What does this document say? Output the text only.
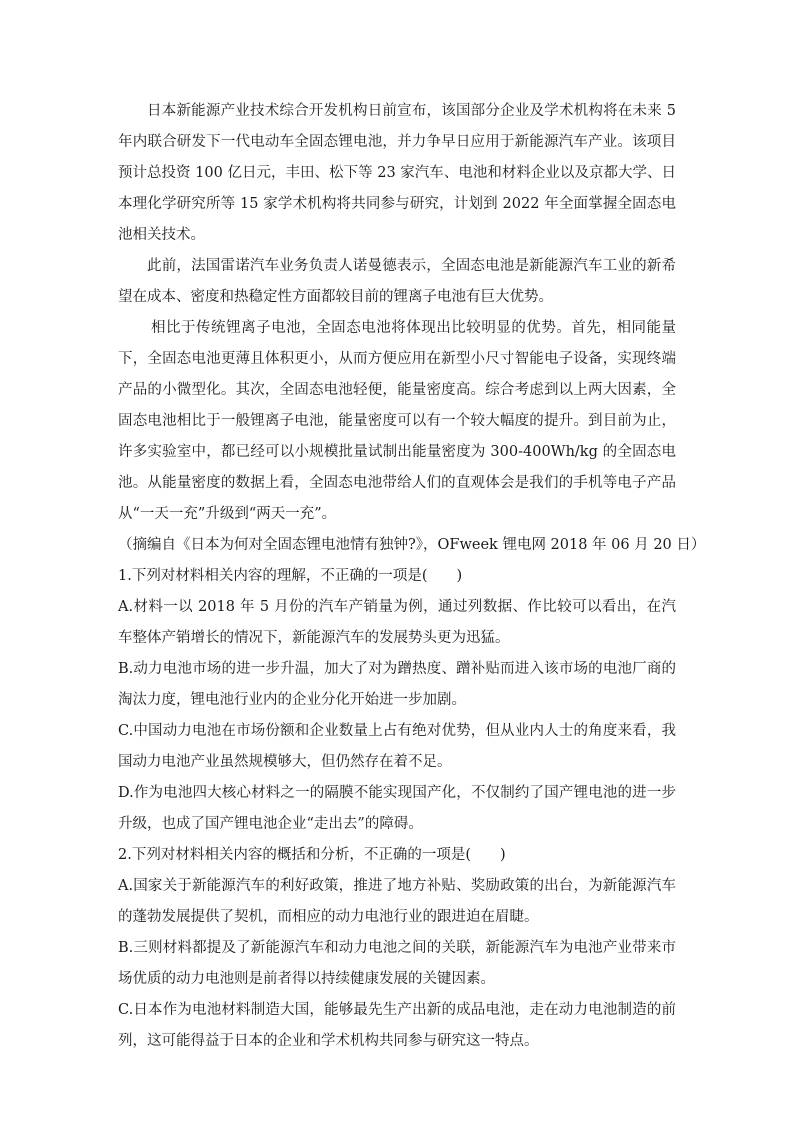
日本新能源产业技术综合开发机构日前宣布，该国部分企业及学术机构将在未来 5 年内联合研发下一代电动车全固态锂电池，并力争早日应用于新能源汽车产业。该项目预计总投资 100 亿日元，丰田、松下等 23 家汽车、电池和材料企业以及京都大学、日本理化学研究所等 15 家学术机构将共同参与研究，计划到 2022 年全面掌握全固态电池相关技术。

此前，法国雷诺汽车业务负责人诺曼德表示，全固态电池是新能源汽车工业的新希望在成本、密度和热稳定性方面都较目前的锂离子电池有巨大优势。

相比于传统锂离子电池，全固态电池将体现出比较明显的优势。首先，相同能量下，全固态电池更薄且体积更小，从而方便应用在新型小尺寸智能电子设备，实现终端产品的小微型化。其次，全固态电池轻便，能量密度高。综合考虑到以上两大因素，全固态电池相比于一般锂离子电池，能量密度可以有一个较大幅度的提升。到目前为止，许多实验室中，都已经可以小规模批量试制出能量密度为 300-400Wh/kg 的全固态电池。从能量密度的数据上看，全固态电池带给人们的直观体会是我们的手机等电子产品从“一天一充”升级到“两天一充”。

（摘编自《日本为何对全固态锂电池情有独钟?》，OFweek 锂电网 2018 年 06 月 20 日）

1.下列对材料相关内容的理解，不正确的一项是(　　)

A.材料一以 2018 年 5 月份的汽车产销量为例，通过列数据、作比较可以看出，在汽车整体产销增长的情况下，新能源汽车的发展势头更为迅猛。

B.动力电池市场的进一步升温，加大了对为蹭热度、蹭补贴而进入该市场的电池厂商的淘汰力度，锂电池行业内的企业分化开始进一步加剧。

C.中国动力电池在市场份额和企业数量上占有绝对优势，但从业内人士的角度来看，我国动力电池产业虽然规模够大，但仍然存在着不足。

D.作为电池四大核心材料之一的隔膜不能实现国产化，不仅制约了国产锂电池的进一步升级，也成了国产锂电池企业“走出去”的障碍。

2.下列对材料相关内容的概括和分析，不正确的一项是(　　)

A.国家关于新能源汽车的利好政策，推进了地方补贴、奖励政策的出台，为新能源汽车的蓬勃发展提供了契机，而相应的动力电池行业的跟进迫在眉睫。

B.三则材料都提及了新能源汽车和动力电池之间的关联，新能源汽车为电池产业带来市场优质的动力电池则是前者得以持续健康发展的关键因素。

C.日本作为电池材料制造大国，能够最先生产出新的成品电池，走在动力电池制造的前列，这可能得益于日本的企业和学术机构共同参与研究这一特点。
